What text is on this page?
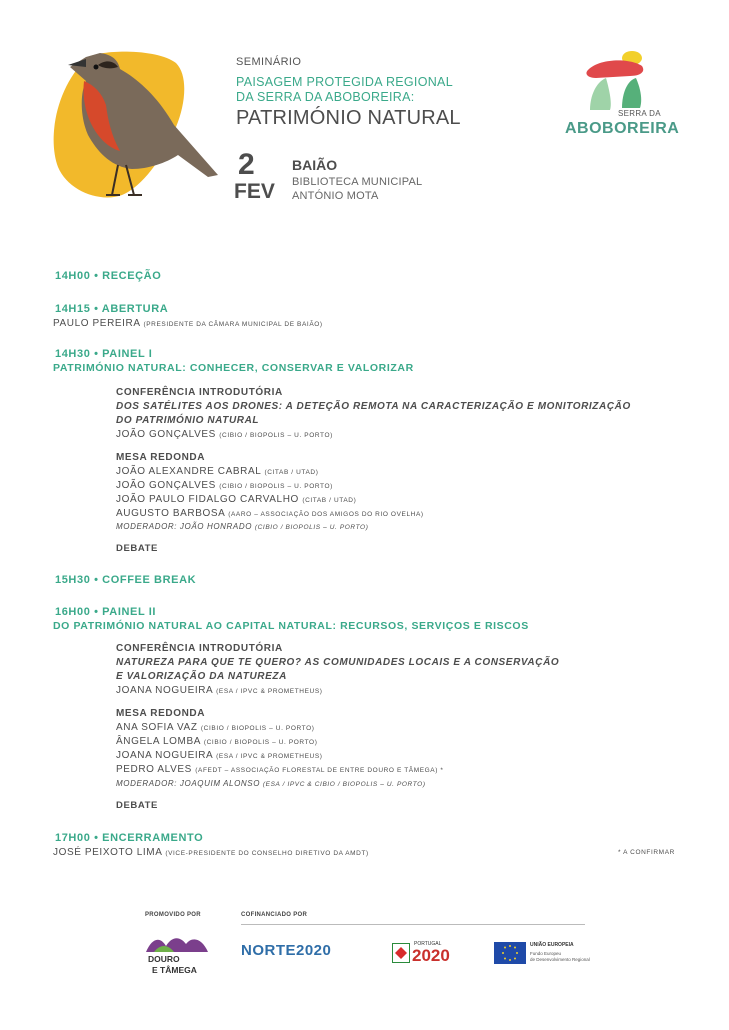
SEMINÁRIO
PAISAGEM PROTEGIDA REGIONAL
DA SERRA DA ABOBOREIRA:
PATRIMÓNIO NATURAL
2
FEV
BAIÃO
BIBLIOTECA MUNICIPAL
ANTÓNIO MOTA
SERRA DA
ABOBOREIRA
14H00 • RECEÇÃO
14H15 • ABERTURA
PAULO PEREIRA (PRESIDENTE DA CÂMARA MUNICIPAL DE BAIÃO)
14H30 • PAINEL I
PATRIMÓNIO NATURAL: CONHECER, CONSERVAR E VALORIZAR
CONFERÊNCIA INTRODUTÓRIA
DOS SATÉLITES AOS DRONES: A DETEÇÃO REMOTA NA CARACTERIZAÇÃO E MONITORIZAÇÃO
DO PATRIMÓNIO NATURAL
JOÃO GONÇALVES (CIBIO / BIOPOLIS – U. PORTO)
MESA REDONDA
JOÃO ALEXANDRE CABRAL (CITAB / UTAD)
JOÃO GONÇALVES (CIBIO / BIOPOLIS – U. PORTO)
JOÃO PAULO FIDALGO CARVALHO (CITAB / UTAD)
AUGUSTO BARBOSA (AARO – ASSOCIAÇÃO DOS AMIGOS DO RIO OVELHA)
MODERADOR: JOÃO HONRADO (CIBIO / BIOPOLIS – U. PORTO)
DEBATE
15H30 • COFFEE BREAK
16H00 • PAINEL II
DO PATRIMÓNIO NATURAL AO CAPITAL NATURAL: RECURSOS, SERVIÇOS E RISCOS
CONFERÊNCIA INTRODUTÓRIA
NATUREZA PARA QUE TE QUERO? AS COMUNIDADES LOCAIS E A CONSERVAÇÃO
E VALORIZAÇÃO DA NATUREZA
JOANA NOGUEIRA (ESA / IPVC & PROMETHEUS)
MESA REDONDA
ANA SOFIA VAZ (CIBIO / BIOPOLIS – U. PORTO)
ÂNGELA LOMBA (CIBIO / BIOPOLIS – U. PORTO)
JOANA NOGUEIRA (ESA / IPVC & PROMETHEUS)
PEDRO ALVES (AFEDT – ASSOCIAÇÃO FLORESTAL DE ENTRE DOURO E TÂMEGA) *
MODERADOR: JOAQUIM ALONSO (ESA / IPVC & CIBIO / BIOPOLIS – U. PORTO)
DEBATE
17H00 • ENCERRAMENTO
JOSÉ PEIXOTO LIMA (VICE-PRESIDENTE DO CONSELHO DIRETIVO DA AMDT)	* A CONFIRMAR
PROMOVIDO POR	COFINANCIADO POR
DOURO
E TÂMEGA
NORTE2020	PORTUGAL
2020
UNIÃO EUROPEIA
Fundo Europeu
de Desenvolvimento Regional
